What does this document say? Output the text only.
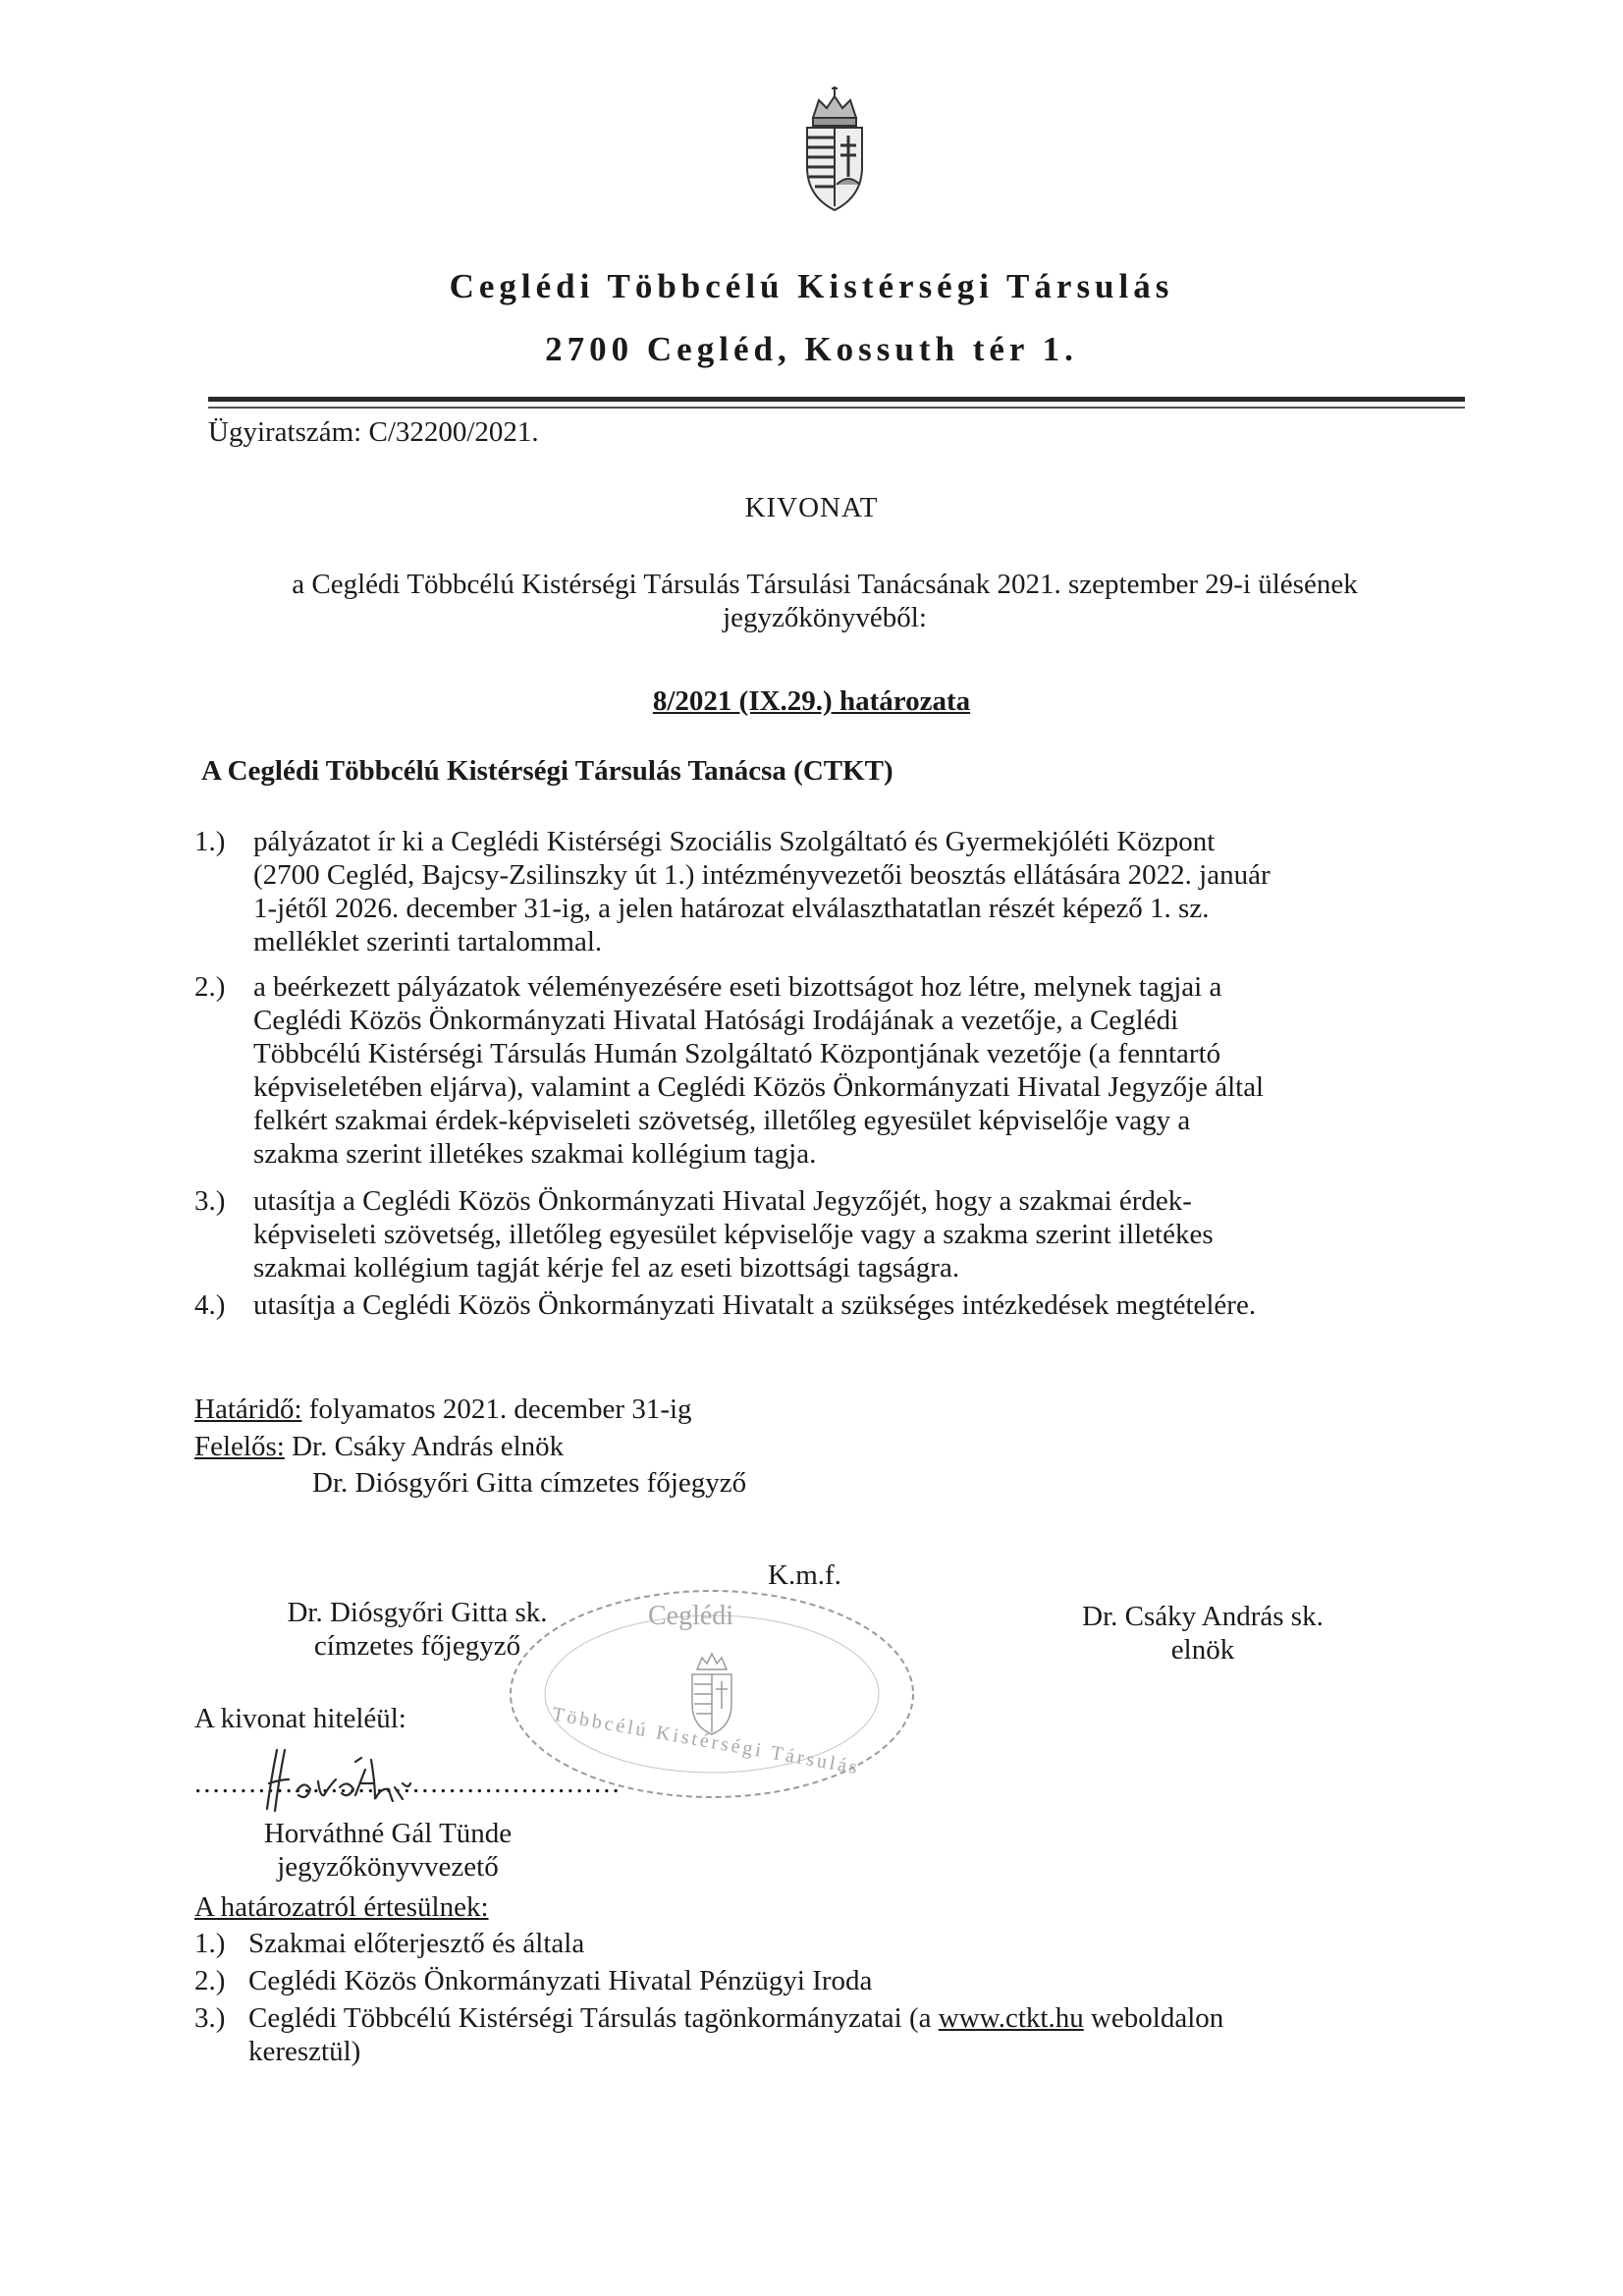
Ceglédi Többcélú Kistérségi Társulás
2700 Cegléd, Kossuth tér 1.
Ügyiratszám: C/32200/2021.
KIVONAT
a Ceglédi Többcélú Kistérségi Társulás Társulási Tanácsának 2021. szeptember 29-i ülésének jegyzőkönyvéből:
8/2021 (IX.29.) határozata
A Ceglédi Többcélú Kistérségi Társulás Tanácsa (CTKT)
1.) pályázatot ír ki a Ceglédi Kistérségi Szociális Szolgáltató és Gyermekjóléti Központ
(2700 Cegléd, Bajcsy-Zsilinszky út 1.) intézményvezetői beosztás ellátására 2022. január
1-jétől 2026. december 31-ig, a jelen határozat elválaszthatatlan részét képező 1. sz.
melléklet szerinti tartalommal.
2.) a beérkezett pályázatok véleményezésére eseti bizottságot hoz létre, melynek tagjai a
Ceglédi Közös Önkormányzati Hivatal Hatósági Irodájának a vezetője, a Ceglédi
Többcélú Kistérségi Társulás Humán Szolgáltató Központjának vezetője (a fenntartó
képviseletében eljárva), valamint a Ceglédi Közös Önkormányzati Hivatal Jegyzője által
felkért szakmai érdek-képviseleti szövetség, illetőleg egyesület képviselője vagy a
szakma szerint illetékes szakmai kollégium tagja.
3.) utasítja a Ceglédi Közös Önkormányzati Hivatal Jegyzőjét, hogy a szakmai érdek-
képviseleti szövetség, illetőleg egyesület képviselője vagy a szakma szerint illetékes
szakmai kollégium tagját kérje fel az eseti bizottsági tagságra.
4.) utasítja a Ceglédi Közös Önkormányzati Hivatalt a szükséges intézkedések megtételére.
Határidő: folyamatos 2021. december 31-ig
Felelős: Dr. Csáky András elnök
Dr. Diósgyőri Gitta címzetes főjegyző
Ceglédi
Többcélú Kistérségi Társulás
K.m.f.
Dr. Diósgyőri Gitta sk.
címzetes főjegyző
Dr. Csáky András sk.
elnök
A kivonat hiteléül:
...............................................
Horváthné Gál Tünde
jegyzőkönyvvezető
A határozatról értesülnek:
1.) Szakmai előterjesztő és általa
2.) Ceglédi Közös Önkormányzati Hivatal Pénzügyi Iroda
3.) Ceglédi Többcélú Kistérségi Társulás tagönkormányzatai (a www.ctkt.hu weboldalon
keresztül)
